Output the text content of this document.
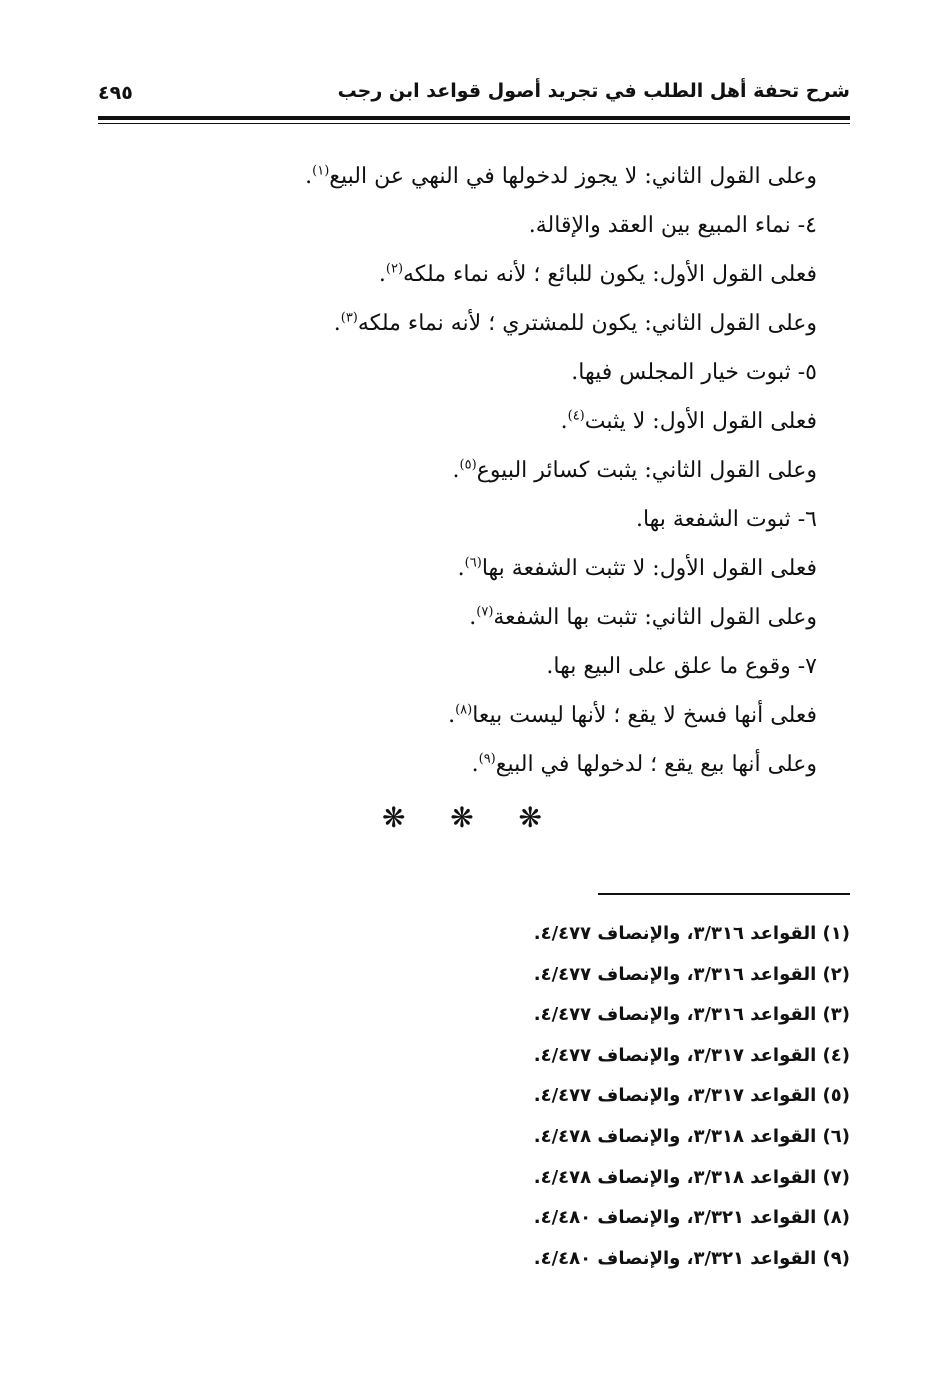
شرح تحفة أهل الطلب في تجريد أصول قواعد ابن رجب
٤٩٥
وعلى القول الثاني: لا يجوز لدخولها في النهي عن البيع$^{(١)}$.
٤- نماء المبيع بين العقد والإقالة.
فعلى القول الأول: يكون للبائع ؛ لأنه نماء ملكه$^{(٢)}$.
وعلى القول الثاني: يكون للمشتري ؛ لأنه نماء ملكه$^{(٣)}$.
٥- ثبوت خيار المجلس فيها.
فعلى القول الأول: لا يثبت$^{(٤)}$.
وعلى القول الثاني: يثبت كسائر البيوع$^{(٥)}$.
٦- ثبوت الشفعة بها.
فعلى القول الأول: لا تثبت الشفعة بها$^{(٦)}$.
وعلى القول الثاني: تثبت بها الشفعة$^{(٧)}$.
٧- وقوع ما علق على البيع بها.
فعلى أنها فسخ لا يقع ؛ لأنها ليست بيعا$^{(٨)}$.
وعلى أنها بيع يقع ؛ لدخولها في البيع$^{(٩)}$.
❋
❋
❋
(١) القواعد ٣/٣١٦، والإنصاف ٤/٤٧٧.
(٢) القواعد ٣/٣١٦، والإنصاف ٤/٤٧٧.
(٣) القواعد ٣/٣١٦، والإنصاف ٤/٤٧٧.
(٤) القواعد ٣/٣١٧، والإنصاف ٤/٤٧٧.
(٥) القواعد ٣/٣١٧، والإنصاف ٤/٤٧٧.
(٦) القواعد ٣/٣١٨، والإنصاف ٤/٤٧٨.
(٧) القواعد ٣/٣١٨، والإنصاف ٤/٤٧٨.
(٨) القواعد ٣/٣٢١، والإنصاف ٤/٤٨٠.
(٩) القواعد ٣/٣٢١، والإنصاف ٤/٤٨٠.
